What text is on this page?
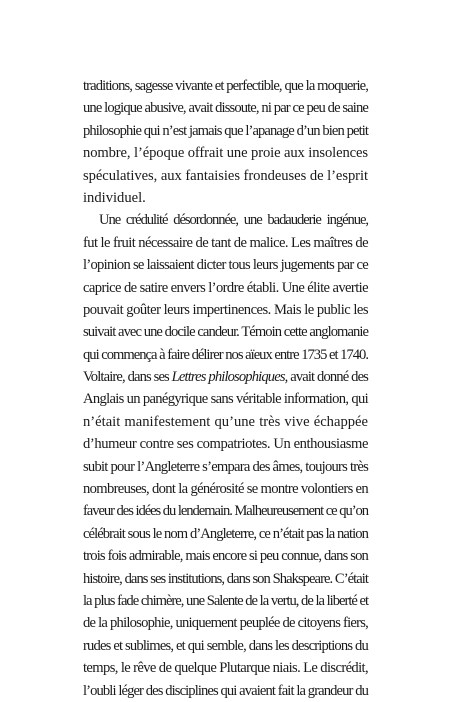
traditions, sagesse vivante et perfectible, que la moquerie,
une logique abusive, avait dissoute, ni par ce peu de saine
philosophie qui n’est jamais que l’apanage d’un bien petit
nombre, l’époque offrait une proie aux insolences
spéculatives, aux fantaisies frondeuses de l’esprit
individuel.
Une crédulité désordonnée, une badauderie ingénue,
fut le fruit nécessaire de tant de malice. Les maîtres de
l’opinion se laissaient dicter tous leurs jugements par ce
caprice de satire envers l’ordre établi. Une élite avertie
pouvait goûter leurs impertinences. Mais le public les
suivait avec une docile candeur. Témoin cette anglomanie
qui commença à faire délirer nos aïeux entre 1735 et 1740.
Voltaire, dans ses Lettres philosophiques, avait donné des
Anglais un panégyrique sans véritable information, qui
n’était manifestement qu’une très vive échappée
d’humeur contre ses compatriotes. Un enthousiasme
subit pour l’Angleterre s’empara des âmes, toujours très
nombreuses, dont la générosité se montre volontiers en
faveur des idées du lendemain. Malheureusement ce qu’on
célébrait sous le nom d’Angleterre, ce n’était pas la nation
trois fois admirable, mais encore si peu connue, dans son
histoire, dans ses institutions, dans son Shakspeare. C’était
la plus fade chimère, une Salente de la vertu, de la liberté et
de la philosophie, uniquement peuplée de citoyens fiers,
rudes et sublimes, et qui semble, dans les descriptions du
temps, le rêve de quelque Plutarque niais. Le discrédit,
l’oubli léger des disciplines qui avaient fait la grandeur du
